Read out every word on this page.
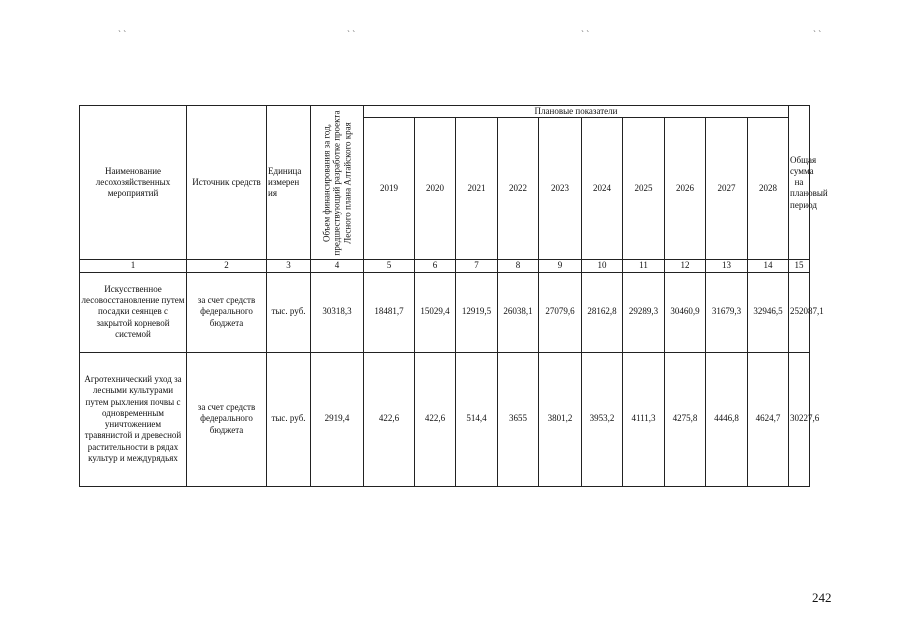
ˏ ˎ	ˏ ˎ	ˏ ˎ	ˏ ˎ
Наименование лесохозяйственных мероприятий	Источник средств	Единица измерен ия	Объем финансирования за год, предшествующий разработке проекта Лесного плана Алтайского края	Плановые показатели										Общая сумма на плановый период
				2019	2020	2021	2022	2023	2024	2025	2026	2027	2028	
1	2	3	4	5	6	7	8	9	10	11	12	13	14	15
Искусственное лесовосстановление путем посадки сеянцев с закрытой корневой системой	за счет средств федерального бюджета	тыс. руб.	30318,3	18481,7	15029,4	12919,5	26038,1	27079,6	28162,8	29289,3	30460,9	31679,3	32946,5	252087,1
Агротехнический уход за лесными культурами путем рыхления почвы с одновременным уничтожением травянистой и древесной растительности в рядах культур и междурядьях	за счет средств федерального бюджета	тыс. руб.	2919,4	422,6	422,6	514,4	3655	3801,2	3953,2	4111,3	4275,8	4446,8	4624,7	30227,6
242
